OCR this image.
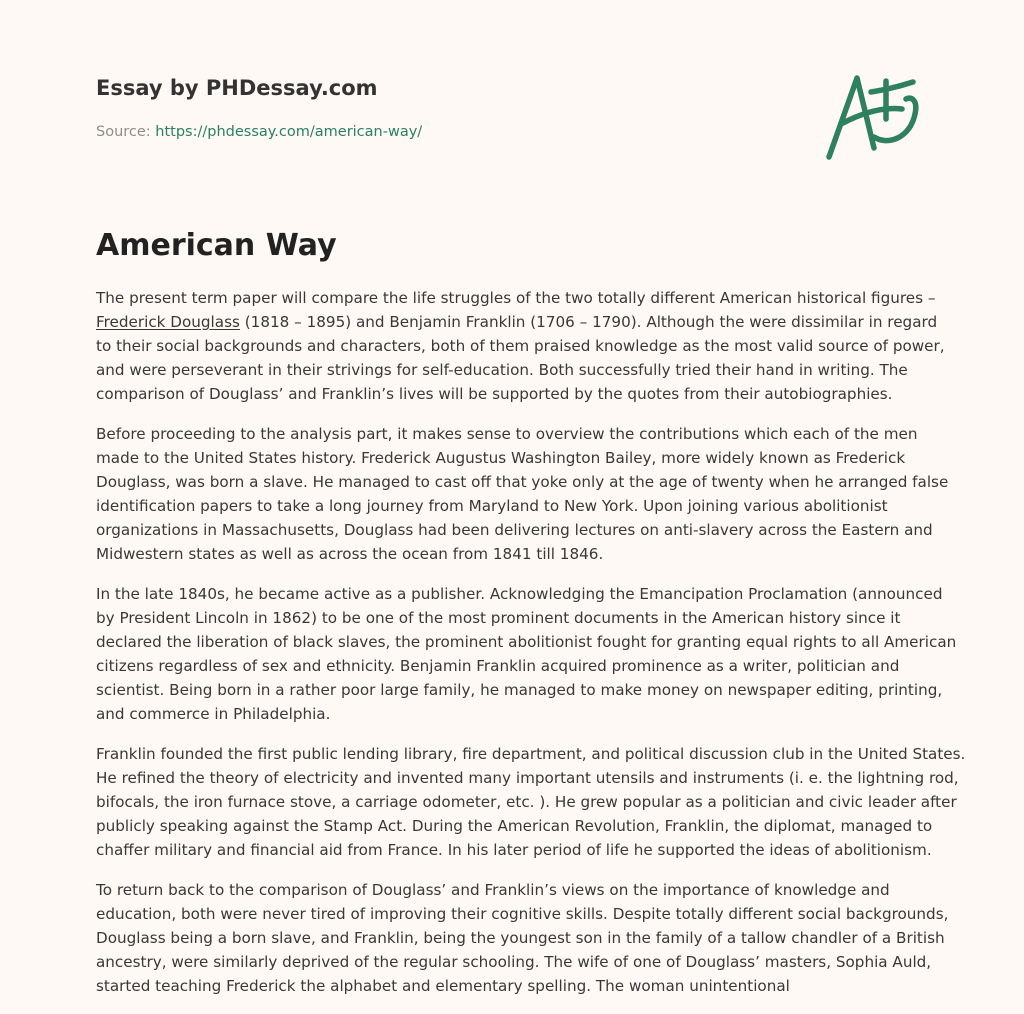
Essay by PHDessay.com
Source: https://phdessay.com/american-way/
American Way

The present term paper will compare the life struggles of the two totally different American historical figures –
Frederick Douglass (1818 – 1895) and Benjamin Franklin (1706 – 1790). Although the were dissimilar in regard
to their social backgrounds and characters, both of them praised knowledge as the most valid source of power,
and were perseverant in their strivings for self-education. Both successfully tried their hand in writing. The
comparison of Douglass’ and Franklin’s lives will be supported by the quotes from their autobiographies.

Before proceeding to the analysis part, it makes sense to overview the contributions which each of the men
made to the United States history. Frederick Augustus Washington Bailey, more widely known as Frederick
Douglass, was born a slave. He managed to cast off that yoke only at the age of twenty when he arranged false
identification papers to take a long journey from Maryland to New York. Upon joining various abolitionist
organizations in Massachusetts, Douglass had been delivering lectures on anti-slavery across the Eastern and
Midwestern states as well as across the ocean from 1841 till 1846.

In the late 1840s, he became active as a publisher. Acknowledging the Emancipation Proclamation (announced
by President Lincoln in 1862) to be one of the most prominent documents in the American history since it
declared the liberation of black slaves, the prominent abolitionist fought for granting equal rights to all American
citizens regardless of sex and ethnicity. Benjamin Franklin acquired prominence as a writer, politician and
scientist. Being born in a rather poor large family, he managed to make money on newspaper editing, printing,
and commerce in Philadelphia.

Franklin founded the first public lending library, fire department, and political discussion club in the United States.
He refined the theory of electricity and invented many important utensils and instruments (i. e. the lightning rod,
bifocals, the iron furnace stove, a carriage odometer, etc. ). He grew popular as a politician and civic leader after
publicly speaking against the Stamp Act. During the American Revolution, Franklin, the diplomat, managed to
chaffer military and financial aid from France. In his later period of life he supported the ideas of abolitionism.

To return back to the comparison of Douglass’ and Franklin’s views on the importance of knowledge and
education, both were never tired of improving their cognitive skills. Despite totally different social backgrounds,
Douglass being a born slave, and Franklin, being the youngest son in the family of a tallow chandler of a British
ancestry, were similarly deprived of the regular schooling. The wife of one of Douglass’ masters, Sophia Auld,
started teaching Frederick the alphabet and elementary spelling. The woman unintentional
